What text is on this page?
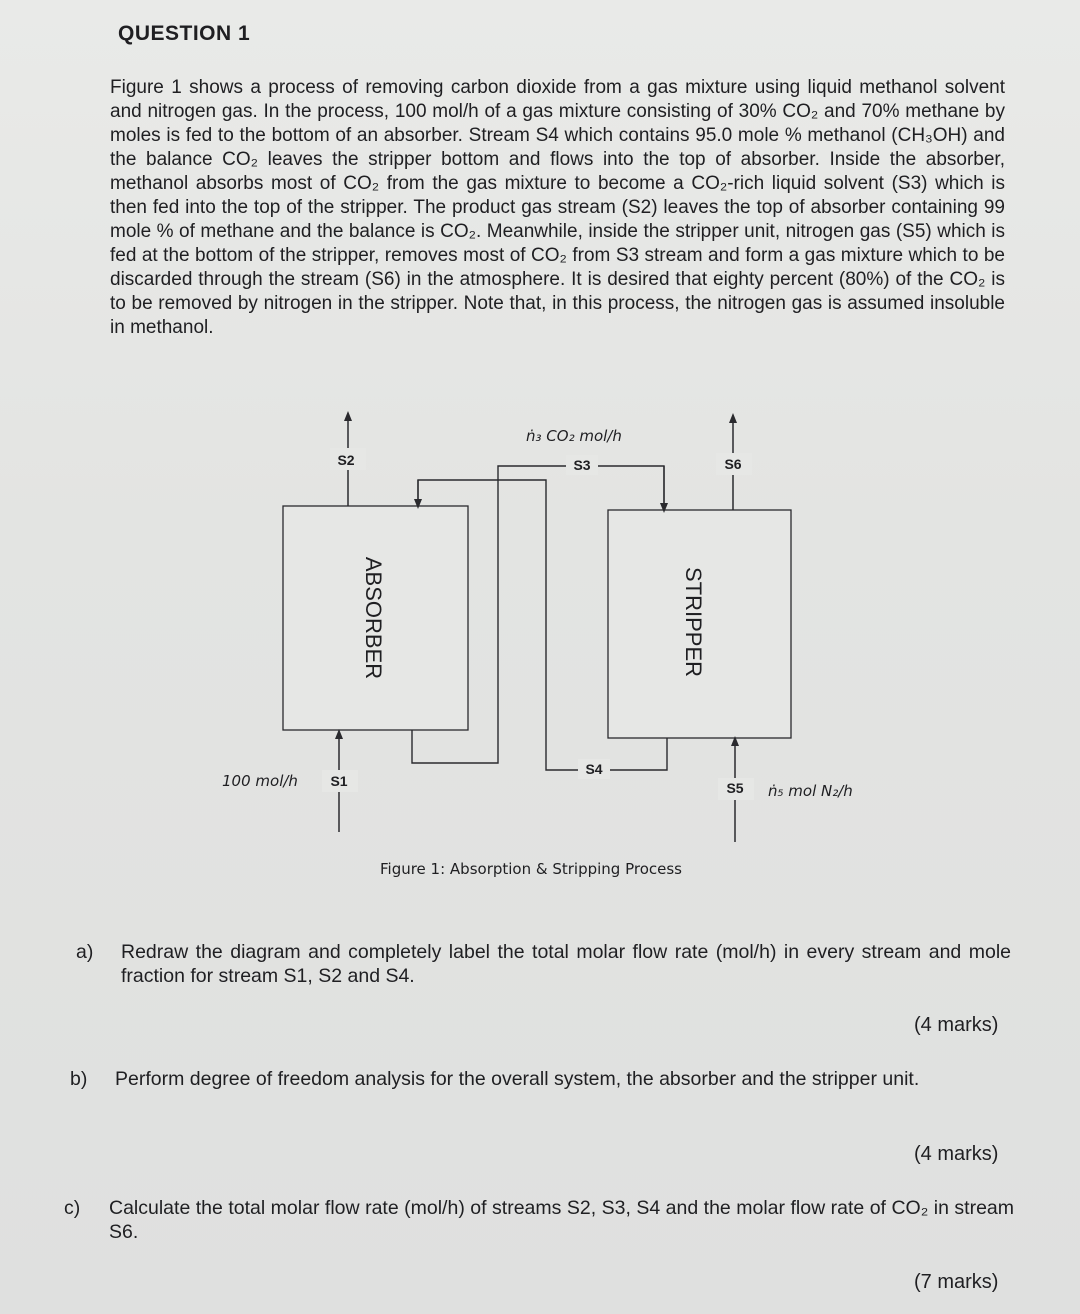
QUESTION 1

Figure 1 shows a process of removing carbon dioxide from a gas mixture using liquid methanol solvent and nitrogen gas. In the process, 100 mol/h of a gas mixture consisting of 30% CO₂ and 70% methane by moles is fed to the bottom of an absorber. Stream S4 which contains 95.0 mole % methanol (CH₃OH) and the balance CO₂ leaves the stripper bottom and flows into the top of absorber. Inside the absorber, methanol absorbs most of CO₂ from the gas mixture to become a CO₂-rich liquid solvent (S3) which is then fed into the top of the stripper. The product gas stream (S2) leaves the top of absorber containing 99 mole % of methane and the balance is CO₂. Meanwhile, inside the stripper unit, nitrogen gas (S5) which is fed at the bottom of the stripper, removes most of CO₂ from S3 stream and form a gas mixture which to be discarded through the stream (S6) in the atmosphere. It is desired that eighty percent (80%) of the CO₂ is to be removed by nitrogen in the stripper. Note that, in this process, the nitrogen gas is assumed insoluble in methanol.

ABSORBER	STRIPPER
S2
S1
100 mol/h
S3
ṅ₃ CO₂ mol/h
S4
S6
S5 ṅ₅ mol N₂/h
Figure 1: Absorption & Stripping Process
a) Redraw the diagram and completely label the total molar flow rate (mol/h) in every stream and mole fraction for stream S1, S2 and S4.
(4 marks)
b) Perform degree of freedom analysis for the overall system, the absorber and the stripper unit.
(4 marks)
c) Calculate the total molar flow rate (mol/h) of streams S2, S3, S4 and the molar flow rate of CO₂ in stream S6.
(7 marks)
